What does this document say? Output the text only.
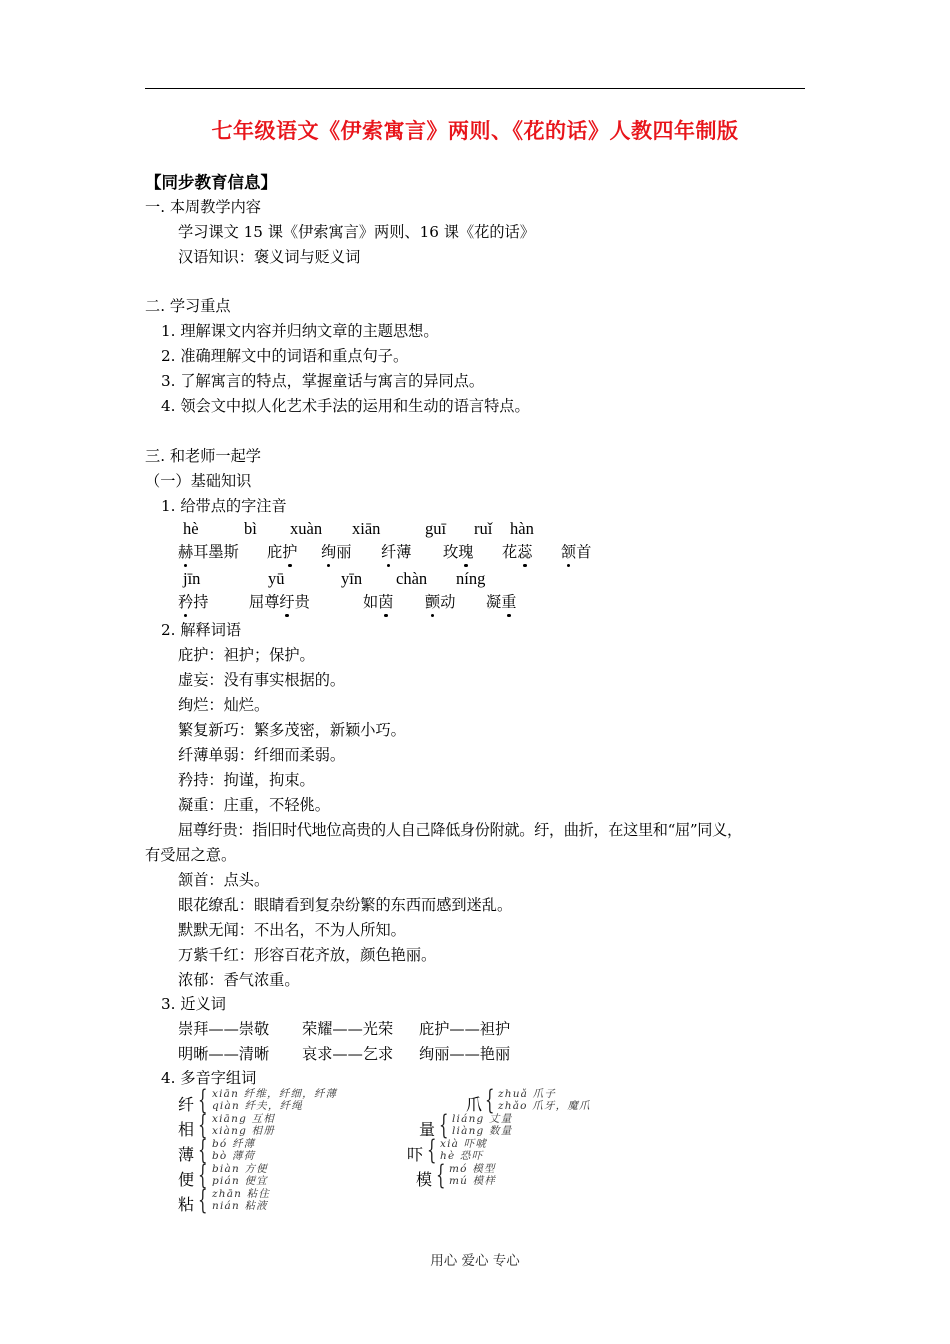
七年级语文《伊索寓言》两则、《花的话》人教四年制版
【同步教育信息】
一. 本周教学内容
学习课文 15 课《伊索寓言》两则、16 课《花的话》
汉语知识：褒义词与贬义词
二. 学习重点
1. 理解课文内容并归纳文章的主题思想。
2. 准确理解文中的词语和重点句子。
3. 了解寓言的特点，掌握童话与寓言的异同点。
4. 领会文中拟人化艺术手法的运用和生动的语言特点。
三. 和老师一起学
（一）基础知识
1. 给带点的字注音
hè	bì xuàn xiān	guī ruǐ hàn
赫耳墨斯 庇护 绚丽 纤薄 玫瑰 花蕊 颔首
jīn	yū	yīn chàn níng
矜持	屈尊纡贵	如茵 颤动 凝重
2. 解释词语
庇护：袒护；保护。
虚妄：没有事实根据的。
绚烂：灿烂。
繁复新巧：繁多茂密，新颖小巧。
纤薄单弱：纤细而柔弱。
矜持：拘谨，拘束。
凝重：庄重，不轻佻。
屈尊纡贵：指旧时代地位高贵的人自己降低身份附就。纡，曲折，在这里和“屈”同义，
有受屈之意。
颔首：点头。
眼花缭乱：眼睛看到复杂纷繁的东西而感到迷乱。
默默无闻：不出名，不为人所知。
万紫千红：形容百花齐放，颜色艳丽。
浓郁：香气浓重。
3. 近义词
崇拜——崇敬 荣耀——光荣 庇护——袒护
明晰——清晰 哀求——乞求 绚丽——艳丽
4. 多音字组词
纤 { xiān 纤维，纤细，纤薄
qiàn 纤夫，纤绳
相 { xiāng 互相
xiàng 相册
薄 { bó 纤薄
bò 薄荷
便 { biàn 方便
pián 便宜
粘 { zhān 粘住
nián 粘液
爪 { zhuǎ 爪子
zhǎo 爪牙，魔爪
量 { liáng 丈量
liàng 数量
吓 { xià 吓唬
hè 恐吓
模 { mó 模型
mú 模样
用心 爱心 专心
